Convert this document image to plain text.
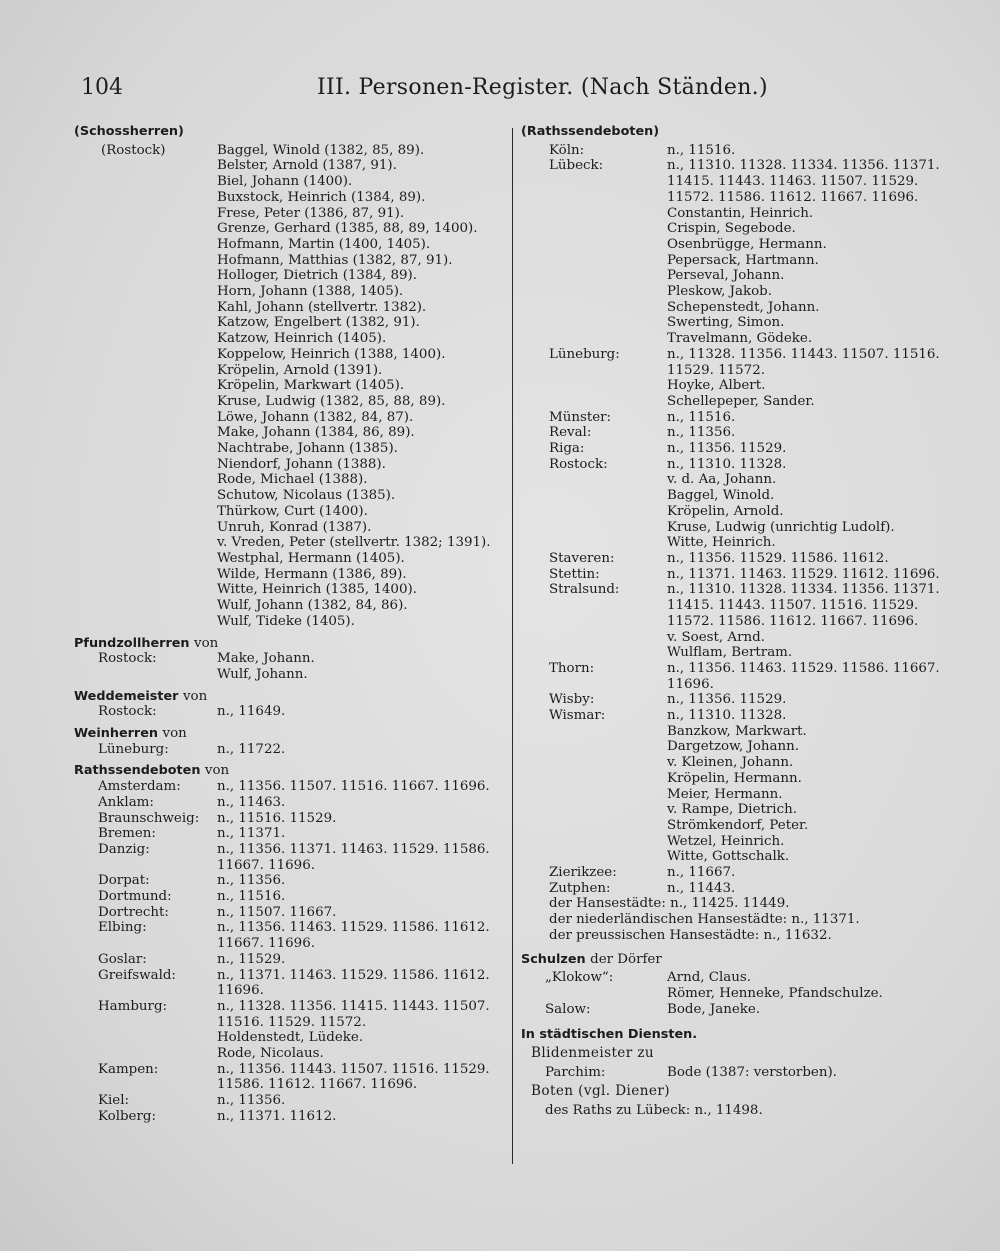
104	III. Personen-Register. (Nach Ständen.)
(Schossherren)
(Rostock)	Baggel, Winold (1382, 85, 89).
Belster, Arnold (1387, 91).
Biel, Johann (1400).
Buxstock, Heinrich (1384, 89).
Frese, Peter (1386, 87, 91).
Grenze, Gerhard (1385, 88, 89, 1400).
Hofmann, Martin (1400, 1405).
Hofmann, Matthias (1382, 87, 91).
Holloger, Dietrich (1384, 89).
Horn, Johann (1388, 1405).
Kahl, Johann (stellvertr. 1382).
Katzow, Engelbert (1382, 91).
Katzow, Heinrich (1405).
Koppelow, Heinrich (1388, 1400).
Kröpelin, Arnold (1391).
Kröpelin, Markwart (1405).
Kruse, Ludwig (1382, 85, 88, 89).
Löwe, Johann (1382, 84, 87).
Make, Johann (1384, 86, 89).
Nachtrabe, Johann (1385).
Niendorf, Johann (1388).
Rode, Michael (1388).
Schutow, Nicolaus (1385).
Thürkow, Curt (1400).
Unruh, Konrad (1387).
v. Vreden, Peter (stellvertr. 1382; 1391).
Westphal, Hermann (1405).
Wilde, Hermann (1386, 89).
Witte, Heinrich (1385, 1400).
Wulf, Johann (1382, 84, 86).
Wulf, Tideke (1405).
Pfundzollherren von
Rostock:	Make, Johann.
Wulf, Johann.
Weddemeister von
Rostock:	n., 11649.
Weinherren von
Lüneburg:	n., 11722.
Rathssendeboten von
Amsterdam:	n., 11356. 11507. 11516. 11667. 11696.
Anklam:	n., 11463.
Braunschweig:	n., 11516. 11529.
Bremen:	n., 11371.
Danzig:	n., 11356. 11371. 11463. 11529. 11586.
11667. 11696.
Dorpat:	n., 11356.
Dortmund:	n., 11516.
Dortrecht:	n., 11507. 11667.
Elbing:	n., 11356. 11463. 11529. 11586. 11612.
11667. 11696.
Goslar:	n., 11529.
Greifswald:	n., 11371. 11463. 11529. 11586. 11612.
11696.
Hamburg:	n., 11328. 11356. 11415. 11443. 11507.
11516. 11529. 11572.
Holdenstedt, Lüdeke.
Rode, Nicolaus.
Kampen:	n., 11356. 11443. 11507. 11516. 11529.
11586. 11612. 11667. 11696.
Kiel:	n., 11356.
Kolberg:	n., 11371. 11612.
(Rathssendeboten)
Köln:	n., 11516.
Lübeck:	n., 11310. 11328. 11334. 11356. 11371.
11415. 11443. 11463. 11507. 11529.
11572. 11586. 11612. 11667. 11696.
Constantin, Heinrich.
Crispin, Segebode.
Osenbrügge, Hermann.
Pepersack, Hartmann.
Perseval, Johann.
Pleskow, Jakob.
Schepenstedt, Johann.
Swerting, Simon.
Travelmann, Gödeke.
Lüneburg:	n., 11328. 11356. 11443. 11507. 11516.
11529. 11572.
Hoyke, Albert.
Schellepeper, Sander.
Münster:	n., 11516.
Reval:	n., 11356.
Riga:	n., 11356. 11529.
Rostock:	n., 11310. 11328.
v. d. Aa, Johann.
Baggel, Winold.
Kröpelin, Arnold.
Kruse, Ludwig (unrichtig Ludolf).
Witte, Heinrich.
Staveren:	n., 11356. 11529. 11586. 11612.
Stettin:	n., 11371. 11463. 11529. 11612. 11696.
Stralsund:	n., 11310. 11328. 11334. 11356. 11371.
11415. 11443. 11507. 11516. 11529.
11572. 11586. 11612. 11667. 11696.
v. Soest, Arnd.
Wulflam, Bertram.
Thorn:	n., 11356. 11463. 11529. 11586. 11667.
11696.
Wisby:	n., 11356. 11529.
Wismar:	n., 11310. 11328.
Banzkow, Markwart.
Dargetzow, Johann.
v. Kleinen, Johann.
Kröpelin, Hermann.
Meier, Hermann.
v. Rampe, Dietrich.
Strömkendorf, Peter.
Wetzel, Heinrich.
Witte, Gottschalk.
Zierikzee:	n., 11667.
Zutphen:	n., 11443.
der Hansestädte: n., 11425. 11449.
der niederländischen Hansestädte: n., 11371.
der preussischen Hansestädte: n., 11632.
Schulzen der Dörfer
„Klokow“:	Arnd, Claus.
Römer, Henneke, Pfandschulze.
Salow:	Bode, Janeke.
In städtischen Diensten.
Blidenmeister zu
Parchim:	Bode (1387: verstorben).
Boten (vgl. Diener)
des Raths zu Lübeck: n., 11498.
